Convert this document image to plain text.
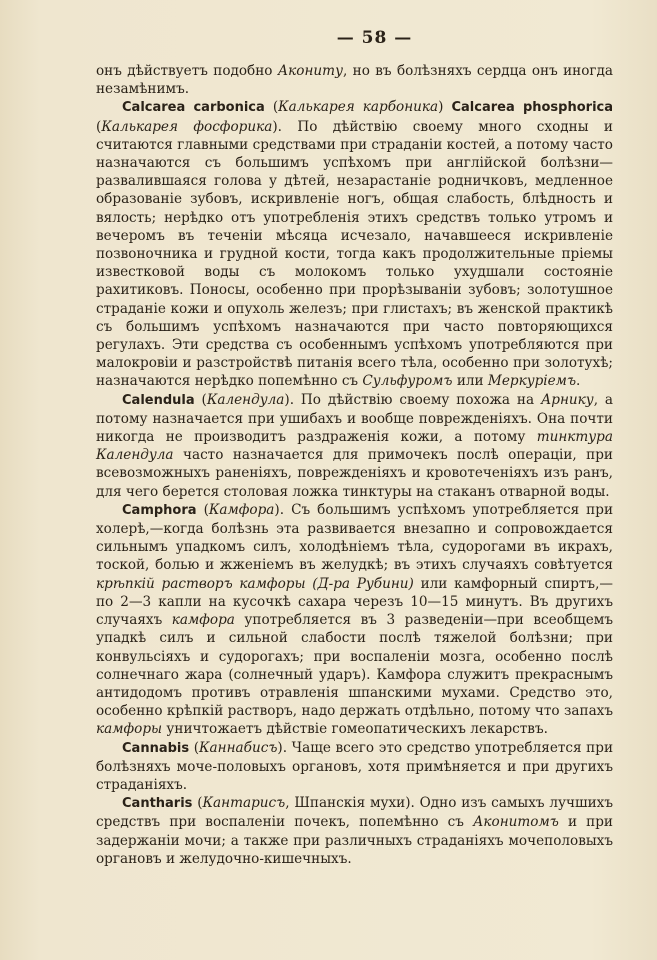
— 58 —

онъ дѣйствуетъ подобно Акониту, но въ болѣзняхъ сердца онъ иногда незамѣнимъ.

Calcarea carbonica (Калькарея карбоника) Calcarea phosphorica (Калькарея фосфорика). По дѣйствію своему много сходны и считаются главными средствами при страданіи костей, а потому часто назначаются съ большимъ успѣхомъ при англійской болѣзни—развалившаяся голова у дѣтей, незарастаніе родничковъ, медленное образованіе зубовъ, искривленіе ногъ, общая слабость, блѣдность и вялость; нерѣдко отъ употребленія этихъ средствъ только утромъ и вечеромъ въ теченіи мѣсяца исчезало, начавшееся искривленіе позвоночника и грудной кости, тогда какъ продолжительные пріемы известковой воды съ молокомъ только ухудшали состояніе рахитиковъ. Поносы, особенно при прорѣзываніи зубовъ; золотушное страданіе кожи и опухоль железъ; при глистахъ; въ женской практикѣ съ большимъ успѣхомъ назначаются при часто повторяющихся регулахъ. Эти средства съ особеннымъ успѣхомъ употребляются при малокровіи и разстройствѣ питанія всего тѣла, особенно при золотухѣ; назначаются нерѣдко попемѣнно съ Сульфуромъ или Меркуріемъ.

Calendula (Календула). По дѣйствію своему похожа на Арнику, а потому назначается при ушибахъ и вообще поврежденіяхъ. Она почти никогда не производитъ раздраженія кожи, а потому тинктура Календула часто назначается для примочекъ послѣ операціи, при всевозможныхъ раненіяхъ, поврежденіяхъ и кровотеченіяхъ изъ ранъ, для чего берется столовая ложка тинктуры на стаканъ отварной воды.

Camphora (Камфора). Съ большимъ успѣхомъ употребляется при холерѣ,—когда болѣзнь эта развивается внезапно и сопровождается сильнымъ упадкомъ силъ, холодѣніемъ тѣла, судорогами въ икрахъ, тоской, болью и жженіемъ въ желудкѣ; въ этихъ случаяхъ совѣтуется крѣпкій растворъ камфоры (Д-ра Рубини) или камфорный спиртъ,—по 2—3 капли на кусочкѣ сахара черезъ 10—15 минутъ. Въ другихъ случаяхъ камфора употребляется въ 3 разведеніи—при всеобщемъ упадкѣ силъ и сильной слабости послѣ тяжелой болѣзни; при конвульсіяхъ и судорогахъ; при воспаленіи мозга, особенно послѣ солнечнаго жара (солнечный ударъ). Камфора служитъ прекраснымъ антидодомъ противъ отравленія шпанскими мухами. Средство это, особенно крѣпкій растворъ, надо держать отдѣльно, потому что запахъ камфоры уничтожаетъ дѣйствіе гомеопатическихъ лекарствъ.

Cannabis (Каннабисъ). Чаще всего это средство употребляется при болѣзняхъ моче-половыхъ органовъ, хотя примѣняется и при другихъ страданіяхъ.

Cantharis (Кантарисъ, Шпанскія мухи). Одно изъ самыхъ лучшихъ средствъ при воспаленіи почекъ, попемѣнно съ Аконитомъ и при задержаніи мочи; а также при различныхъ страданіяхъ мочеполовыхъ органовъ и желудочно-кишечныхъ.
